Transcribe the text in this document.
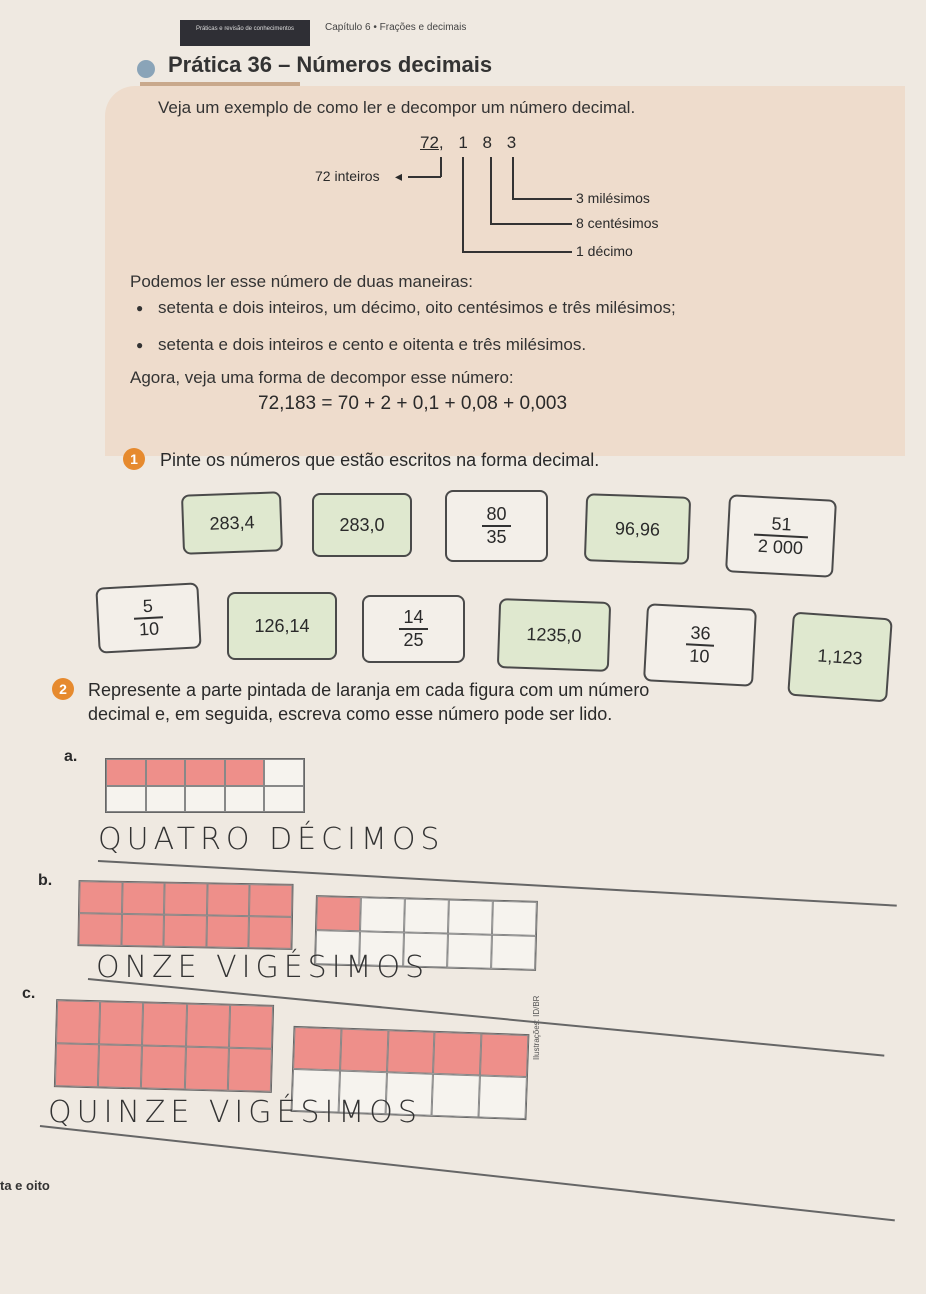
Práticas e revisão de conhecimentos	Capítulo 6 • Frações e decimais
Prática 36 – Números decimais
Veja um exemplo de como ler e decompor um número decimal.
72, 1 8 3
◂
72 inteiros
3 milésimos
8 centésimos
1 décimo
Podemos ler esse número de duas maneiras:
● setenta e dois inteiros, um décimo, oito centésimos e três milésimos;
● setenta e dois inteiros e cento e oitenta e três milésimos.
Agora, veja uma forma de decompor esse número:
72,183 = 70 + 2 + 0,1 + 0,08 + 0,003
1	Pinte os números que estão escritos na forma decimal.
283,4	283,0	$\frac{80}{35}$	96,96	$\frac{51}{2 000}$
$\frac{5}{10}$	126,14	$\frac{14}{25}$	1235,0	$\frac{36}{10}$	1,123
2	Represente a parte pintada de laranja em cada figura com um número
decimal e, em seguida, escreva como esse número pode ser lido.
a.
QUATRO DÉCIMOS
b.
ONZE VIGÉSIMOS
c.
Ilustrações: ID/BR
QUINZE VIGÉSIMOS
ta e oito
